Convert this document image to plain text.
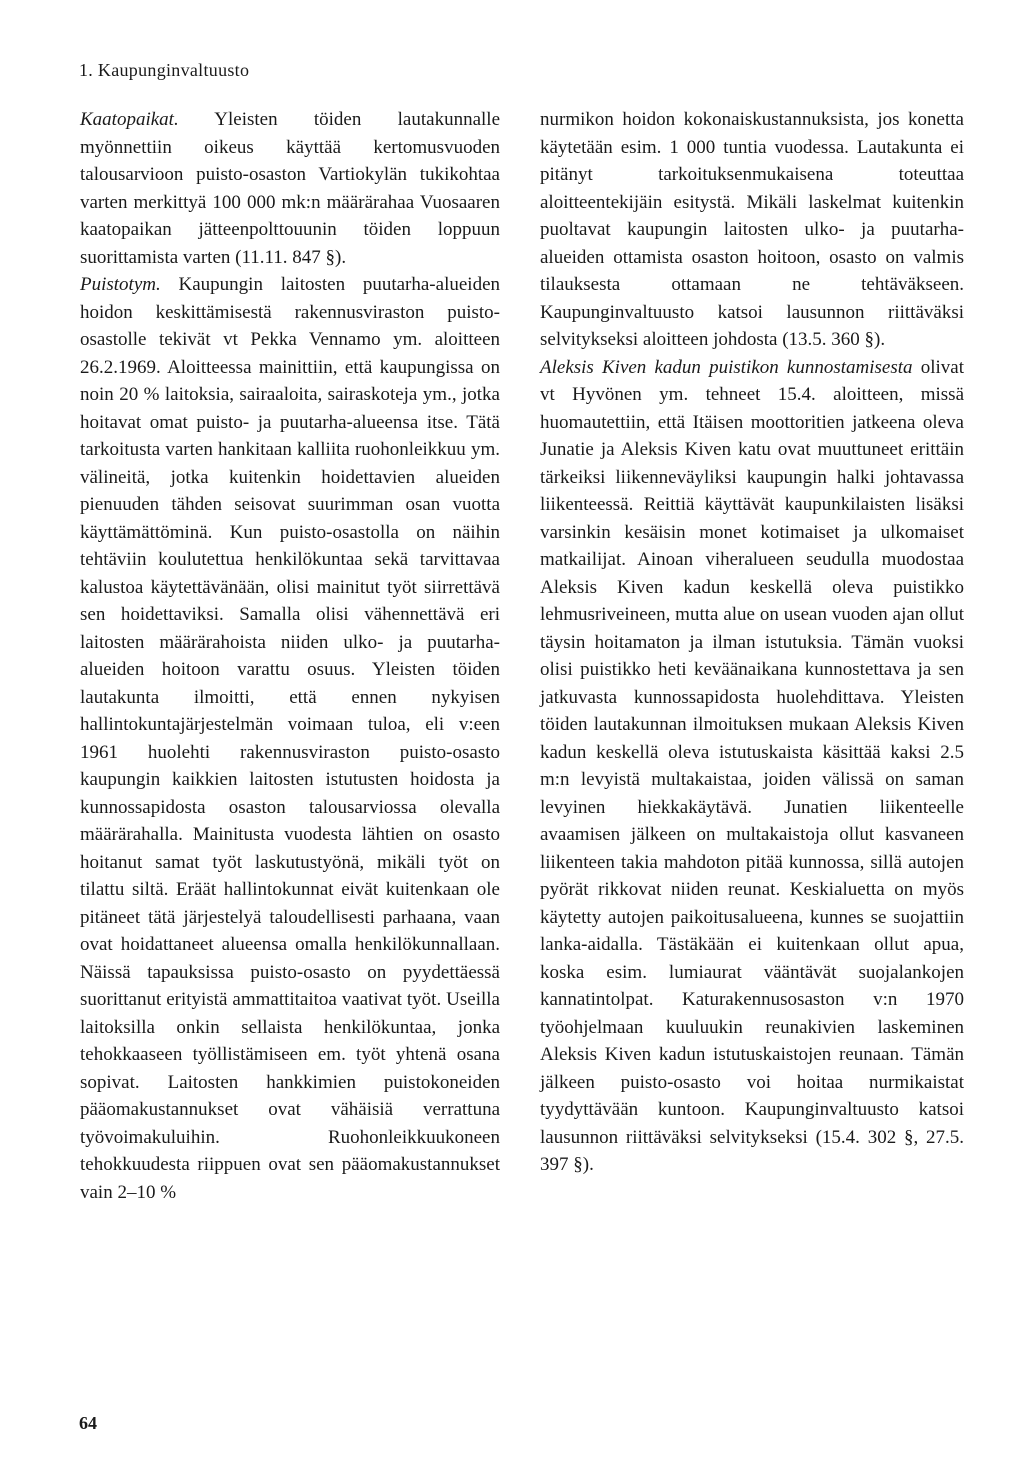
1. Kaupunginvaltuusto

Kaatopaikat. Yleisten töiden lautakunnalle myönnettiin oikeus käyttää kertomusvuoden talousarvioon puisto-osaston Vartiokylän tukikohtaa varten merkittyä 100 000 mk:n määrärahaa Vuosaaren kaatopaikan jätteenpolttouunin töiden loppuun suorittamista varten (11.11. 847 §).

Puistotym. Kaupungin laitosten puutarha-alueiden hoidon keskittämisestä rakennusviraston puisto-osastolle tekivät vt Pekka Vennamo ym. aloitteen 26.2.1969. Aloitteessa mainittiin, että kaupungissa on noin 20 % laitoksia, sairaaloita, sairaskoteja ym., jotka hoitavat omat puisto- ja puutarha-alueensa itse. Tätä tarkoitusta varten hankitaan kalliita ruohonleikkuu ym. välineitä, jotka kuitenkin hoidettavien alueiden pienuuden tähden seisovat suurimman osan vuotta käyttämättöminä. Kun puisto-osastolla on näihin tehtäviin koulutettua henkilökuntaa sekä tarvittavaa kalustoa käytettävänään, olisi mainitut työt siirrettävä sen hoidettaviksi. Samalla olisi vähennettävä eri laitosten määrärahoista niiden ulko- ja puutarha-alueiden hoitoon varattu osuus. Yleisten töiden lautakunta ilmoitti, että ennen nykyisen hallintokuntajärjestelmän voimaan tuloa, eli v:een 1961 huolehti rakennusviraston puisto-osasto kaupungin kaikkien laitosten istutusten hoidosta ja kunnossapidosta osaston talousarviossa olevalla määrärahalla. Mainitusta vuodesta lähtien on osasto hoitanut samat työt laskutustyönä, mikäli työt on tilattu siltä. Eräät hallintokunnat eivät kuitenkaan ole pitäneet tätä järjestelyä taloudellisesti parhaana, vaan ovat hoidattaneet alueensa omalla henkilökunnallaan. Näissä tapauksissa puisto-osasto on pyydettäessä suorittanut erityistä ammattitaitoa vaativat työt. Useilla laitoksilla onkin sellaista henkilökuntaa, jonka tehokkaaseen työllistämiseen em. työt yhtenä osana sopivat. Laitosten hankkimien puistokoneiden pääomakustannukset ovat vähäisiä verrattuna työvoimakuluihin. Ruohonleikkuukoneen tehokkuudesta riippuen ovat sen pääomakustannukset vain 2–10 %

nurmikon hoidon kokonaiskustannuksista, jos konetta käytetään esim. 1 000 tuntia vuodessa. Lautakunta ei pitänyt tarkoituksenmukaisena toteuttaa aloitteentekijäin esitystä. Mikäli laskelmat kuitenkin puoltavat kaupungin laitosten ulko- ja puutarha-alueiden ottamista osaston hoitoon, osasto on valmis tilauksesta ottamaan ne tehtäväkseen. Kaupunginvaltuusto katsoi lausunnon riittäväksi selvitykseksi aloitteen johdosta (13.5. 360 §).

Aleksis Kiven kadun puistikon kunnostamisesta olivat vt Hyvönen ym. tehneet 15.4. aloitteen, missä huomautettiin, että Itäisen moottoritien jatkeena oleva Junatie ja Aleksis Kiven katu ovat muuttuneet erittäin tärkeiksi liikenneväyliksi kaupungin halki johtavassa liikenteessä. Reittiä käyttävät kaupunkilaisten lisäksi varsinkin kesäisin monet kotimaiset ja ulkomaiset matkailijat. Ainoan viheralueen seudulla muodostaa Aleksis Kiven kadun keskellä oleva puistikko lehmusriveineen, mutta alue on usean vuoden ajan ollut täysin hoitamaton ja ilman istutuksia. Tämän vuoksi olisi puistikko heti keväänaikana kunnostettava ja sen jatkuvasta kunnossapidosta huolehdittava. Yleisten töiden lautakunnan ilmoituksen mukaan Aleksis Kiven kadun keskellä oleva istutuskaista käsittää kaksi 2.5 m:n levyistä multakaistaa, joiden välissä on saman levyinen hiekkakäytävä. Junatien liikenteelle avaamisen jälkeen on multakaistoja ollut kasvaneen liikenteen takia mahdoton pitää kunnossa, sillä autojen pyörät rikkovat niiden reunat. Keskialuetta on myös käytetty autojen paikoitusalueena, kunnes se suojattiin lanka-aidalla. Tästäkään ei kuitenkaan ollut apua, koska esim. lumiaurat vääntävät suojalankojen kannatintolpat. Katurakennusosaston v:n 1970 työohjelmaan kuuluukin reunakivien laskeminen Aleksis Kiven kadun istutuskaistojen reunaan. Tämän jälkeen puisto-osasto voi hoitaa nurmikaistat tyydyttävään kuntoon. Kaupunginvaltuusto katsoi lausunnon riittäväksi selvitykseksi (15.4. 302 §, 27.5. 397 §).

64
